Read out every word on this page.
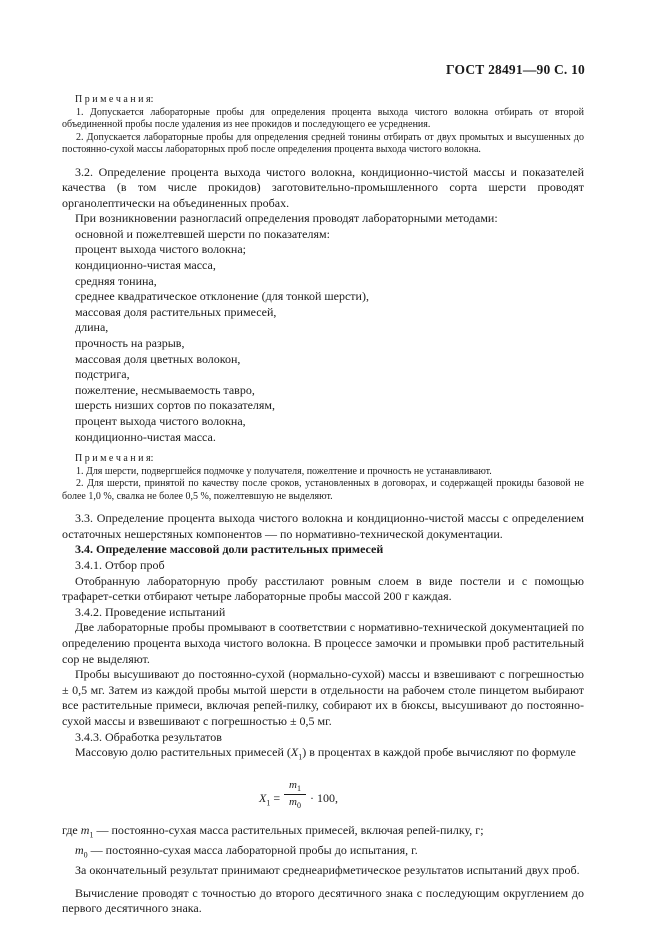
ГОСТ 28491—90 С. 10

П р и м е ч а н и я:

1. Допускается лабораторные пробы для определения процента выхода чистого волокна отбирать от второй объединенной пробы после удаления из нее прокидов и последующего ее усреднения.

2. Допускается лабораторные пробы для определения средней тонины отбирать от двух промытых и высушенных до постоянно-сухой массы лабораторных проб после определения процента выхода чистого волокна.

3.2. Определение процента выхода чистого волокна, кондиционно-чистой массы и показателей качества (в том числе прокидов) заготовительно-промышленного сорта шерсти проводят органолептически на объединенных пробах.

При возникновении разногласий определения проводят лабораторными методами:

основной и пожелтевшей шерсти по показателям:

процент выхода чистого волокна;

кондиционно-чистая масса,

средняя тонина,

среднее квадратическое отклонение (для тонкой шерсти),

массовая доля растительных примесей,

длина,

прочность на разрыв,

массовая доля цветных волокон,

подстрига,

пожелтение, несмываемость тавро,

шерсть низших сортов по показателям,

процент выхода чистого волокна,

кондиционно-чистая масса.

П р и м е ч а н и я:

1. Для шерсти, подвергшейся подмочке у получателя, пожелтение и прочность не устанавливают.

2. Для шерсти, принятой по качеству после сроков, установленных в договорах, и содержащей прокиды базовой не более 1,0 %, свалка не более 0,5 %, пожелтевшую не выделяют.

3.3. Определение процента выхода чистого волокна и кондиционно-чистой массы с определением остаточных нешерстяных компонентов — по нормативно-технической документации.

3.4. Определение массовой доли растительных примесей

3.4.1. Отбор проб

Отобранную лабораторную пробу расстилают ровным слоем в виде постели и с помощью трафарет-сетки отбирают четыре лабораторные пробы массой 200 г каждая.

3.4.2. Проведение испытаний

Две лабораторные пробы промывают в соответствии с нормативно-технической документацией по определению процента выхода чистого волокна. В процессе замочки и промывки проб растительный сор не выделяют.

Пробы высушивают до постоянно-сухой (нормально-сухой) массы и взвешивают с погрешностью ± 0,5 мг. Затем из каждой пробы мытой шерсти в отдельности на рабочем столе пинцетом выбирают все растительные примеси, включая репей-пилку, собирают их в бюксы, высушивают до постоянно-сухой массы и взвешивают с погрешностью ± 0,5 мг.

3.4.3. Обработка результатов

Массовую долю растительных примесей $(X_1)$ в процентах в каждой пробе вычисляют по формуле

$X_1 = \frac{m_1}{m_0} \cdot 100$,

где $m_1$ — постоянно-сухая масса растительных примесей, включая репей-пилку, г;

$m_0$ — постоянно-сухая масса лабораторной пробы до испытания, г.

За окончательный результат принимают среднеарифметическое результатов испытаний двух проб.

Вычисление проводят с точностью до второго десятичного знака с последующим округлением до первого десятичного знака.
